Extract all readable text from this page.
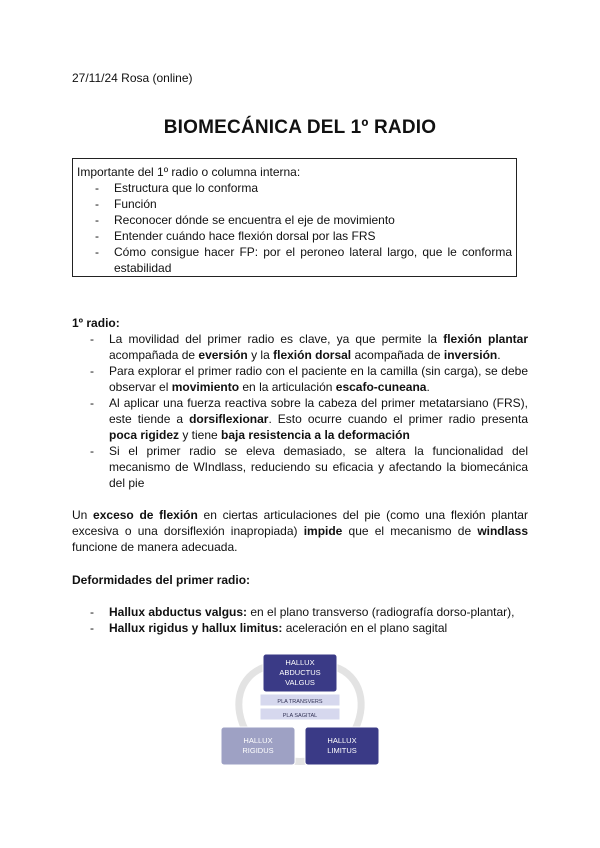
27/11/24 Rosa (online)
BIOMECÁNICA DEL 1º RADIO
Importante del 1º radio o columna interna:
- Estructura que lo conforma
- Función
- Reconocer dónde se encuentra el eje de movimiento
- Entender cuándo hace flexión dorsal por las FRS
- Cómo consigue hacer FP: por el peroneo lateral largo, que le conforma estabilidad
1º radio:
- La movilidad del primer radio es clave, ya que permite la flexión plantar acompañada de eversión y la flexión dorsal acompañada de inversión.
- Para explorar el primer radio con el paciente en la camilla (sin carga), se debe observar el movimiento en la articulación escafo-cuneana.
- Al aplicar una fuerza reactiva sobre la cabeza del primer metatarsiano (FRS), este tiende a dorsiflexionar. Esto ocurre cuando el primer radio presenta poca rigidez y tiene baja resistencia a la deformación
- Si el primer radio se eleva demasiado, se altera la funcionalidad del mecanismo de WIndlass, reduciendo su eficacia y afectando la biomecánica del pie
Un exceso de flexión en ciertas articulaciones del pie (como una flexión plantar excesiva o una dorsiflexión inapropiada) impide que el mecanismo de windlass funcione de manera adecuada.
Deformidades del primer radio:
- Hallux abductus valgus: en el plano transverso (radiografía dorso-plantar),
- Hallux rigidus y hallux limitus: aceleración en el plano sagital
HALLUX
ABDUCTUS
VALGUS
PLA TRANSVERS
PLA SAGITAL
HALLUX
RIGIDUS
HALLUX
LIMITUS
